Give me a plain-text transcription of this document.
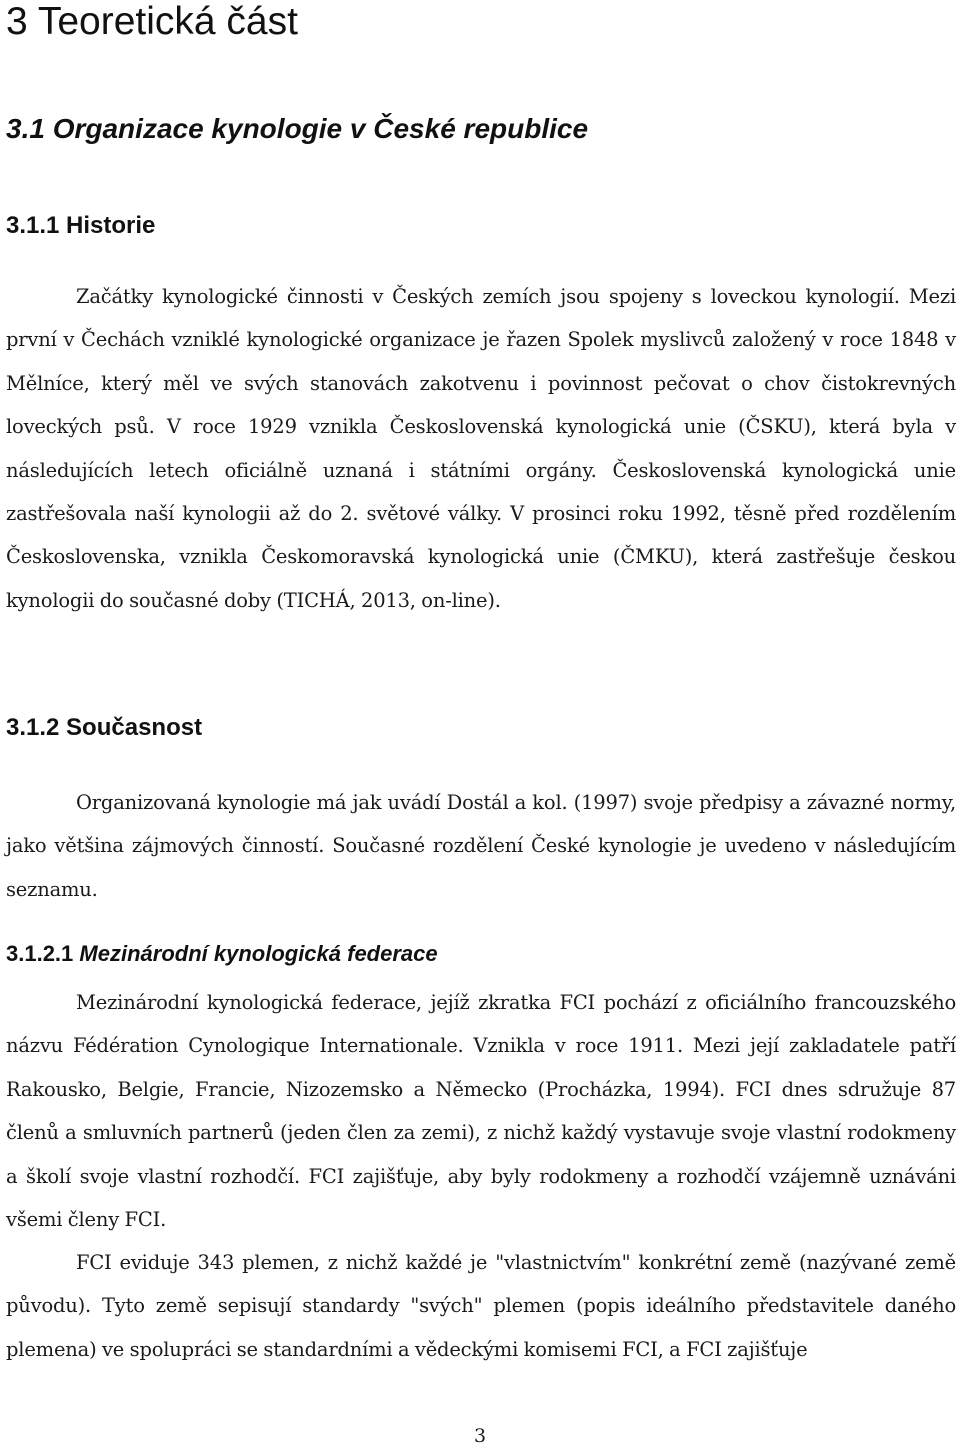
3 Teoretická část
3.1 Organizace kynologie v České republice
3.1.1 Historie

Začátky kynologické činnosti v Českých zemích jsou spojeny s loveckou kynologií. Mezi první v Čechách vzniklé kynologické organizace je řazen Spolek myslivců založený v roce 1848 v Mělníce, který měl ve svých stanovách zakotvenu i povinnost pečovat o chov čistokrevných loveckých psů. V roce 1929 vznikla Československá kynologická unie (ČSKU), která byla v následujících letech oficiálně uznaná i státními orgány. Československá kynologická unie zastřešovala naší kynologii až do 2. světové války. V prosinci roku 1992, těsně před rozdělením Československa, vznikla Českomoravská kynologická unie (ČMKU), která zastřešuje českou kynologii do současné doby (TICHÁ, 2013, on-line).

3.1.2 Současnost

Organizovaná kynologie má jak uvádí Dostál a kol. (1997) svoje předpisy a závazné normy, jako většina zájmových činností. Současné rozdělení České kynologie je uvedeno v následujícím seznamu.

3.1.2.1 Mezinárodní kynologická federace

Mezinárodní kynologická federace, jejíž zkratka FCI pochází z oficiálního francouzského názvu Fédération Cynologique Internationale. Vznikla v roce 1911. Mezi její zakladatele patří Rakousko, Belgie, Francie, Nizozemsko a Německo (Procházka, 1994). FCI dnes sdružuje 87 členů a smluvních partnerů (jeden člen za zemi), z nichž každý vystavuje svoje vlastní rodokmeny a školí svoje vlastní rozhodčí. FCI zajišťuje, aby byly rodokmeny a rozhodčí vzájemně uznáváni všemi členy FCI.

FCI eviduje 343 plemen, z nichž každé je "vlastnictvím" konkrétní země (nazývané země původu). Tyto země sepisují standardy "svých" plemen (popis ideálního představitele daného plemena) ve spolupráci se standardními a vědeckými komisemi FCI, a FCI zajišťuje

3
